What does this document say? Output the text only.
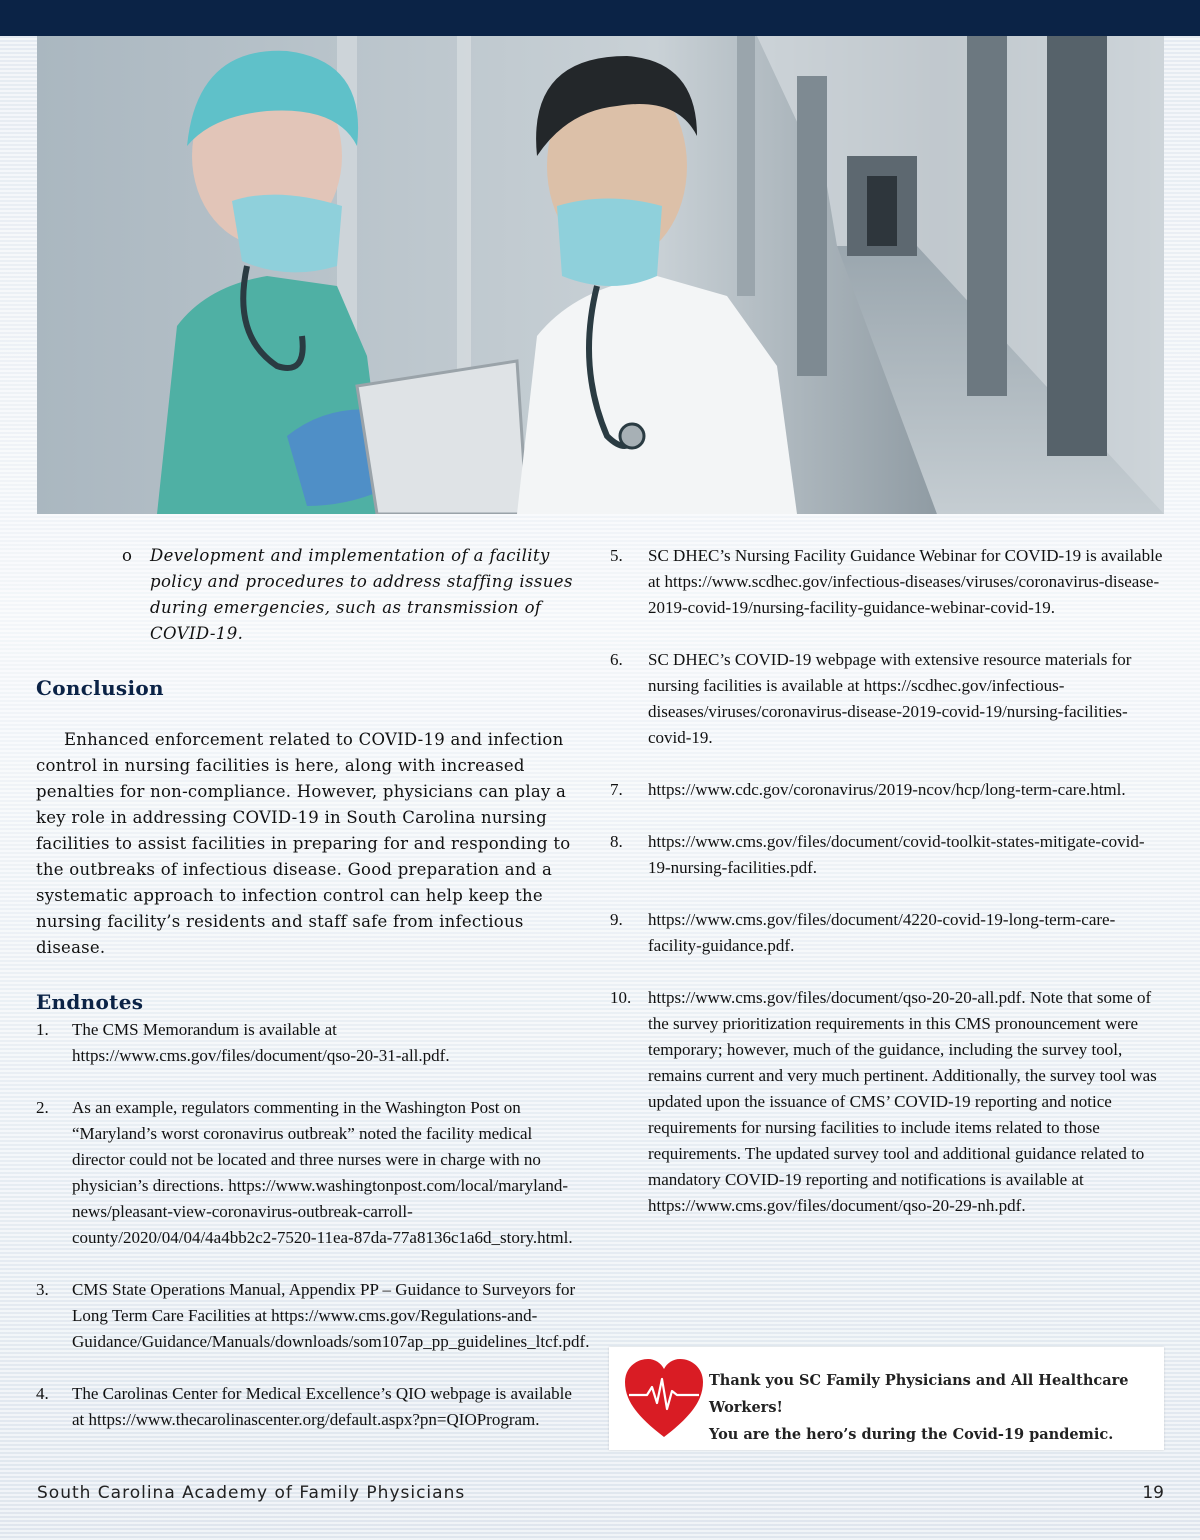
o	Development and implementation of a facility policy and procedures to address staffing issues during emergencies, such as transmission of COVID-19.
Conclusion

Enhanced enforcement related to COVID-19 and infection control in nursing facilities is here, along with increased penalties for non-compliance. However, physicians can play a key role in addressing COVID-19 in South Carolina nursing facilities to assist facilities in preparing for and responding to the outbreaks of infectious disease. Good preparation and a systematic approach to infection control can help keep the nursing facility’s residents and staff safe from infectious disease.

Endnotes
1.	The CMS Memorandum is available at https://www.cms.gov/files/document/qso-20-31-all.pdf.
2.	As an example, regulators commenting in the Washington Post on “Maryland’s worst coronavirus outbreak” noted the facility medical director could not be located and three nurses were in charge with no physician’s directions. https://www.washingtonpost.com/local/maryland-news/pleasant-view-coronavirus-outbreak-carroll-county/2020/04/04/4a4bb2c2-7520-11ea-87da-77a8136c1a6d_story.html.
3.	CMS State Operations Manual, Appendix PP – Guidance to Surveyors for Long Term Care Facilities at https://www.cms.gov/Regulations-and-Guidance/Guidance/Manuals/downloads/som107ap_pp_guidelines_ltcf.pdf.
4.	The Carolinas Center for Medical Excellence’s QIO webpage is available at https://www.thecarolinascenter.org/default.aspx?pn=QIOProgram.
5.	SC DHEC’s Nursing Facility Guidance Webinar for COVID-19 is available at https://www.scdhec.gov/infectious-diseases/viruses/coronavirus-disease-2019-covid-19/nursing-facility-guidance-webinar-covid-19.
6.	SC DHEC’s COVID-19 webpage with extensive resource materials for nursing facilities is available at https://scdhec.gov/infectious-diseases/viruses/coronavirus-disease-2019-covid-19/nursing-facilities-covid-19.
7.	https://www.cdc.gov/coronavirus/2019-ncov/hcp/long-term-care.html.
8.	https://www.cms.gov/files/document/covid-toolkit-states-mitigate-covid-19-nursing-facilities.pdf.
9.	https://www.cms.gov/files/document/4220-covid-19-long-term-care-facility-guidance.pdf.
10. https://www.cms.gov/files/document/qso-20-20-all.pdf. Note that some of the survey prioritization requirements in this CMS pronouncement were temporary; however, much of the guidance, including the survey tool, remains current and very much pertinent. Additionally, the survey tool was updated upon the issuance of CMS’ COVID-19 reporting and notice requirements for nursing facilities to include items related to those requirements. The updated survey tool and additional guidance related to mandatory COVID-19 reporting and notifications is available at https://www.cms.gov/files/document/qso-20-29-nh.pdf.
Thank you SC Family Physicians and All Healthcare Workers!
You are the hero’s during the Covid-19 pandemic.
South Carolina Academy of Family Physicians	19
